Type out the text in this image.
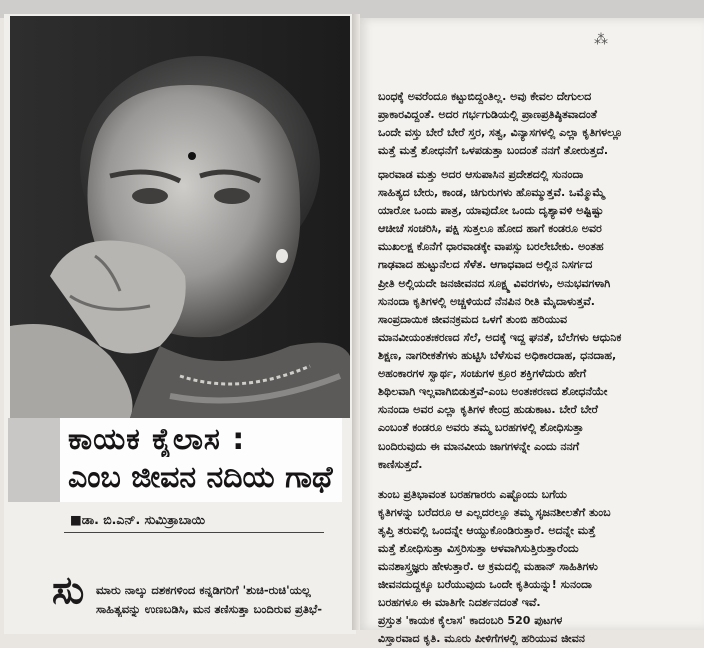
ಕಾಯಕ ಕೈಲಾಸ :
ಎಂಬ ಜೀವನ ನದಿಯ ಗಾಥೆ
■ಡಾ. ಬಿ.ಎನ್. ಸುಮಿತ್ರಾಬಾಯಿ
ಸು ಮಾರು ನಾಲ್ಕು ದಶಕಗಳಿಂದ ಕನ್ನಡಿಗರಿಗೆ 'ಶುಚಿ-ರುಚಿ'ಯಲ್ಲ
ಸಾಹಿತ್ಯವನ್ನು ಉಣಬಡಿಸಿ, ಮನ ತಣಿಸುತ್ತಾ ಬಂದಿರುವ ಪ್ರತಿಭೆ-
⁂
ಬಂಧಕ್ಕೆ ಅವರೆಂದೂ ಕಟ್ಟುಬಿದ್ದಂತಿಲ್ಲ. ಅವು ಕೇವಲ ದೇಗುಲದ
ಪ್ರಾಕಾರವಿದ್ದಂತೆ. ಅದರ ಗರ್ಭಗುಡಿಯಲ್ಲಿ ಪ್ರಾಣಪ್ರತಿಷ್ಠಿತವಾದಂತೆ
ಒಂದೇ ವಸ್ತು ಬೇರೆ ಬೇರೆ ಸ್ತರ, ಸತ್ವ, ವಿನ್ಯಾಸಗಳಲ್ಲಿ ಎಲ್ಲಾ ಕೃತಿಗಳಲ್ಲೂ
ಮತ್ತೆ ಮತ್ತೆ ಶೋಧನೆಗೆ ಒಳಪಡುತ್ತಾ ಬಂದಂತೆ ನನಗೆ ತೋರುತ್ತದೆ.
ಧಾರವಾಡ ಮತ್ತು ಅದರ ಆಸುಪಾಸಿನ ಪ್ರದೇಶದಲ್ಲಿ ಸುನಂದಾ
ಸಾಹಿತ್ಯದ ಬೇರು, ಕಾಂಡ, ಚಿಗುರುಗಳು ಹೊಮ್ಮುತ್ತವೆ. ಒಮ್ಮೊಮ್ಮೆ
ಯಾರೋ ಒಂದು ಪಾತ್ರ, ಯಾವುದೋ ಒಂದು ದೃಶ್ಯಾವಳಿ ಅಷ್ಟಿಷ್ಟು
ಆಚೀಚೆ ಸಂಚರಿಸಿ, ಪಕ್ಷಿ ಸುತ್ತಲೂ ಹೋದ ಹಾಗೆ ಕಂಡರೂ ಅವರ
ಮುಖಲಕ್ಷ ಕೊನೆಗೆ ಧಾರವಾಡಕ್ಕೇ ವಾಪಸ್ಸು ಬರಲೇಬೇಕು. ಅಂತಹ
ಗಾಢವಾದ ಹುಟ್ಟುನೆಲದ ಸೆಳೆತ. ಆಗಾಧವಾದ ಅಲ್ಲಿನ ನಿಸರ್ಗದ
ಪ್ರೀತಿ ಅಲ್ಲಿಯದೇ ಜನಜೀವನದ ಸೂಕ್ಷ್ಮ ವಿವರಗಳು, ಅನುಭವಗಳಾಗಿ
ಸುನಂದಾ ಕೃತಿಗಳಲ್ಲಿ ಅಚ್ಚಳಿಯದೆ ನೆನಪಿನ ರೀತಿ ಮೈದಾಳುತ್ತವೆ.
ಸಾಂಪ್ರದಾಯಿಕ ಜೀವನಕ್ರಮದ ಒಳಗೆ ತುಂಬಿ ಹರಿಯುವ
ಮಾನವೀಯಂತಃಕರಣದ ಸೆಲೆ, ಅದಕ್ಕೆ ಇದ್ದ ಘನತೆ, ಬೆಲೆಗಳು ಆಧುನಿಕ
ಶಿಕ್ಷಣ, ನಾಗರೀಕತೆಗಳು ಹುಟ್ಟಿಸಿ ಬೆಳೆಸುವ ಅಧಿಕಾರದಾಹ, ಧನದಾಹ,
ಅಹಂಕಾರಗಳ ಸ್ವಾರ್ಥ, ಸಂಚುಗಳ ಕ್ರೂರ ಶಕ್ತಿಗಳೆದುರು ಹೇಗೆ
ಶಿಥಿಲವಾಗಿ ಇಲ್ಲವಾಗಿಬಿಡುತ್ತವೆ-ಎಂಬ ಅಂತಃಕರಣದ ಶೋಧನೆಯೇ
ಸುನಂದಾ ಅವರ ಎಲ್ಲಾ ಕೃತಿಗಳ ಕೇಂದ್ರ ಹುಡುಕಾಟ. ಬೇರೆ ಬೇರೆ
ಎಂಬಂತೆ ಕಂಡರೂ ಅವರು ತಮ್ಮ ಬರಹಗಳಲ್ಲಿ ಶೋಧಿಸುತ್ತಾ
ಬಂದಿರುವುದು ಈ ಮಾನವೀಯ ಜಾಗಗಳನ್ನೇ ಎಂದು ನನಗೆ
ಕಾಣಿಸುತ್ತದೆ.
ತುಂಬ ಪ್ರತಿಭಾವಂತ ಬರಹಗಾರರು ಎಷ್ಟೊಂದು ಬಗೆಯ
ಕೃತಿಗಳನ್ನು ಬರೆದರೂ ಆ ಎಲ್ಲದರಲ್ಲೂ ತಮ್ಮ ಸೃಜನಶೀಲತೆಗೆ ತುಂಬ
ತೃಪ್ತಿ ತರುವಲ್ಲಿ ಒಂದನ್ನೇ ಆಯ್ದುಕೊಂಡಿರುತ್ತಾರೆ. ಅದನ್ನೇ ಮತ್ತೆ
ಮತ್ತೆ ಶೋಧಿಸುತ್ತಾ ವಿಸ್ತರಿಸುತ್ತಾ ಆಳವಾಗಿಸುತ್ತಿರುತ್ತಾರೆಂದು
ಮನಶಾಸ್ತ್ರಜ್ಞರು ಹೇಳುತ್ತಾರೆ. ಆ ಕ್ರಮದಲ್ಲಿ ಮಹಾನ್ ಸಾಹಿತಿಗಳು
ಜೀವನದುದ್ದಕ್ಕೂ ಬರೆಯುವುದು ಒಂದೇ ಕೃತಿಯನ್ನು! ಸುನಂದಾ
ಬರಹಗಳೂ ಈ ಮಾತಿಗೇ ನಿದರ್ಶನದಂತೆ ಇವೆ.
ಪ್ರಸ್ತುತ 'ಕಾಯಕ ಕೈಲಾಸ' ಕಾದಂಬರಿ 520 ಪುಟಗಳ
ವಿಸ್ತಾರವಾದ ಕೃತಿ. ಮೂರು ಪೀಳಿಗೆಗಳಲ್ಲಿ ಹರಿಯುವ ಜೀವನ
